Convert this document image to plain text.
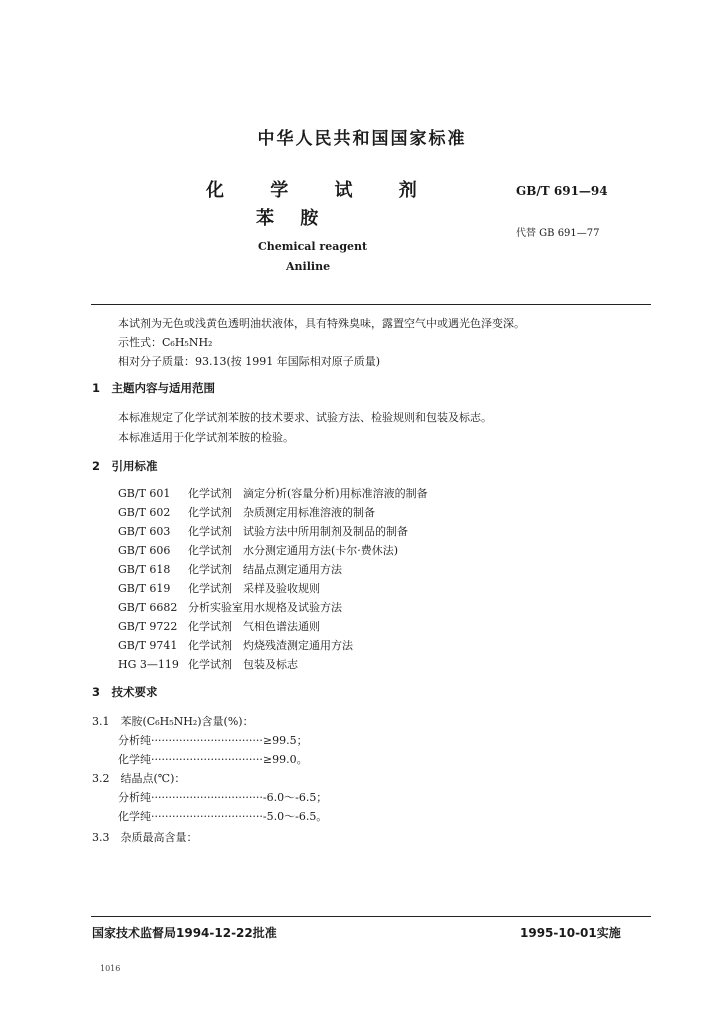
中华人民共和国国家标准
化 学 试 剂
苯 胺
GB/T 691—94
代替 GB 691—77
Chemical reagent
Aniline
本试剂为无色或浅黄色透明油状液体，具有特殊臭味，露置空气中或遇光色泽变深。
示性式：C₆H₅NH₂
相对分子质量：93.13(按 1991 年国际相对原子质量)
1　主题内容与适用范围
本标准规定了化学试剂苯胺的技术要求、试验方法、检验规则和包装及标志。
本标准适用于化学试剂苯胺的检验。
2　引用标准
GB/T 601 化学试剂　滴定分析(容量分析)用标准溶液的制备
GB/T 602 化学试剂　杂质测定用标准溶液的制备
GB/T 603 化学试剂　试验方法中所用制剂及制品的制备
GB/T 606 化学试剂　水分测定通用方法(卡尔·费休法)
GB/T 618 化学试剂　结晶点测定通用方法
GB/T 619 化学试剂　采样及验收规则
GB/T 6682 分析实验室用水规格及试验方法
GB/T 9722 化学试剂　气相色谱法通则
GB/T 9741 化学试剂　灼烧残渣测定通用方法
HG 3—119 化学试剂　包装及标志
3　技术要求
3.1　苯胺(C₆H₅NH₂)含量(%)：
分析纯································≥99.5；
化学纯································≥99.0。
3.2　结晶点(℃)：
分析纯································-6.0～-6.5；
化学纯································-5.0～-6.5。
3.3　杂质最高含量：
国家技术监督局1994-12-22批准	1995-10-01实施
1016
